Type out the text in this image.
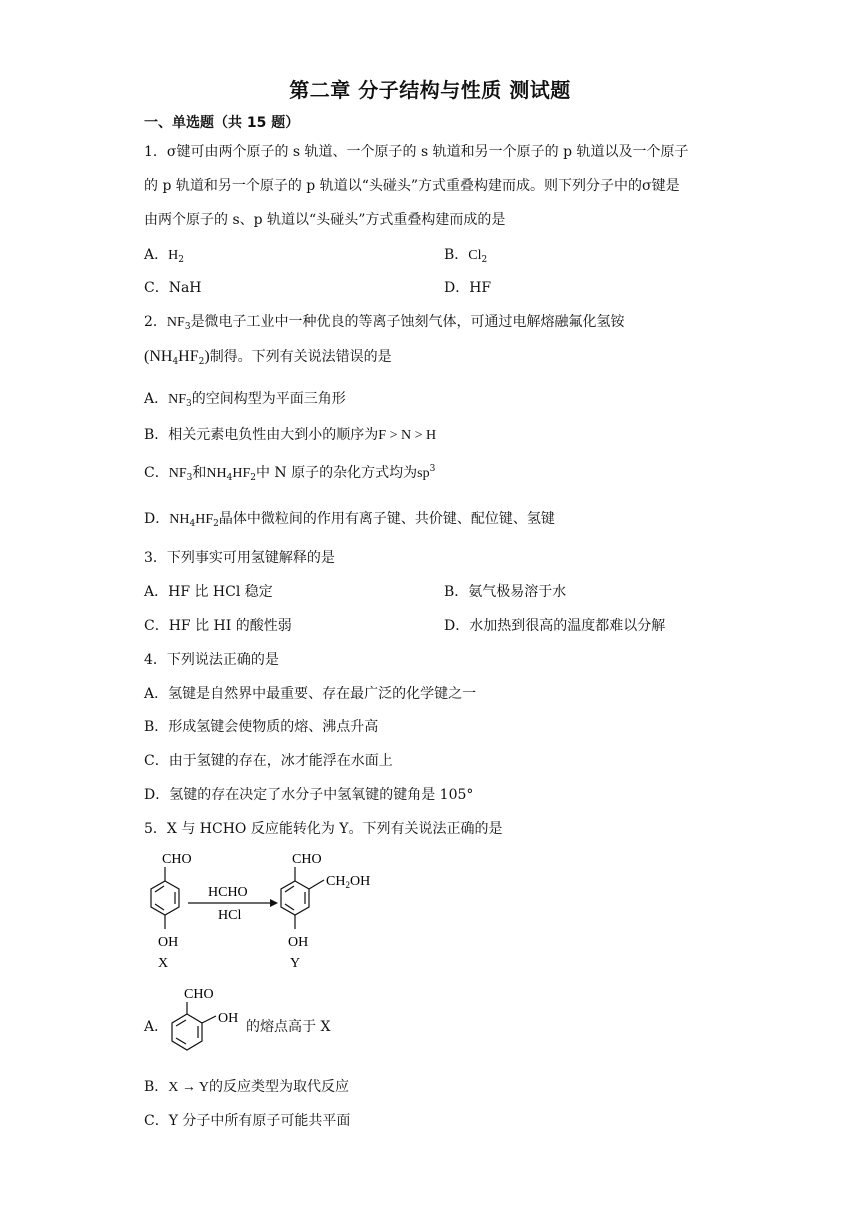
第二章 分子结构与性质 测试题
一、单选题（共 15 题）
1．σ键可由两个原子的 s 轨道、一个原子的 s 轨道和另一个原子的 p 轨道以及一个原子
的 p 轨道和另一个原子的 p 轨道以“头碰头”方式重叠构建而成。则下列分子中的σ键是
由两个原子的 s、p 轨道以“头碰头”方式重叠构建而成的是
A．$H_2$	B．$Cl_2$
C．NaH	D．HF
2．$NF_3$是微电子工业中一种优良的等离子蚀刻气体，可通过电解熔融氟化氢铵
$(NH_4HF_2)$制得。下列有关说法错误的是
A．$NF_3$的空间构型为平面三角形
B．相关元素电负性由大到小的顺序为F > N > H
C．$NF_3$和$NH_4HF_2$中 N 原子的杂化方式均为$sp^3$
D．$NH_4HF_2$晶体中微粒间的作用有离子键、共价键、配位键、氢键
3．下列事实可用氢键解释的是
A．HF 比 HCl 稳定	B．氨气极易溶于水
C．HF 比 HI 的酸性弱	D．水加热到很高的温度都难以分解
4．下列说法正确的是
A．氢键是自然界中最重要、存在最广泛的化学键之一
B．形成氢键会使物质的熔、沸点升高
C．由于氢键的存在，冰才能浮在水面上
D．氢键的存在决定了水分子中氢氧键的键角是 105°
5．X 与 HCHO 反应能转化为 Y。下列有关说法正确的是
CHO
OH
X
HCHO
HCl
CHO
$CH_2OH$
OH
Y
A．
CHO
OH
的熔点高于 X
B．X → Y的反应类型为取代反应
C．Y 分子中所有原子可能共平面
